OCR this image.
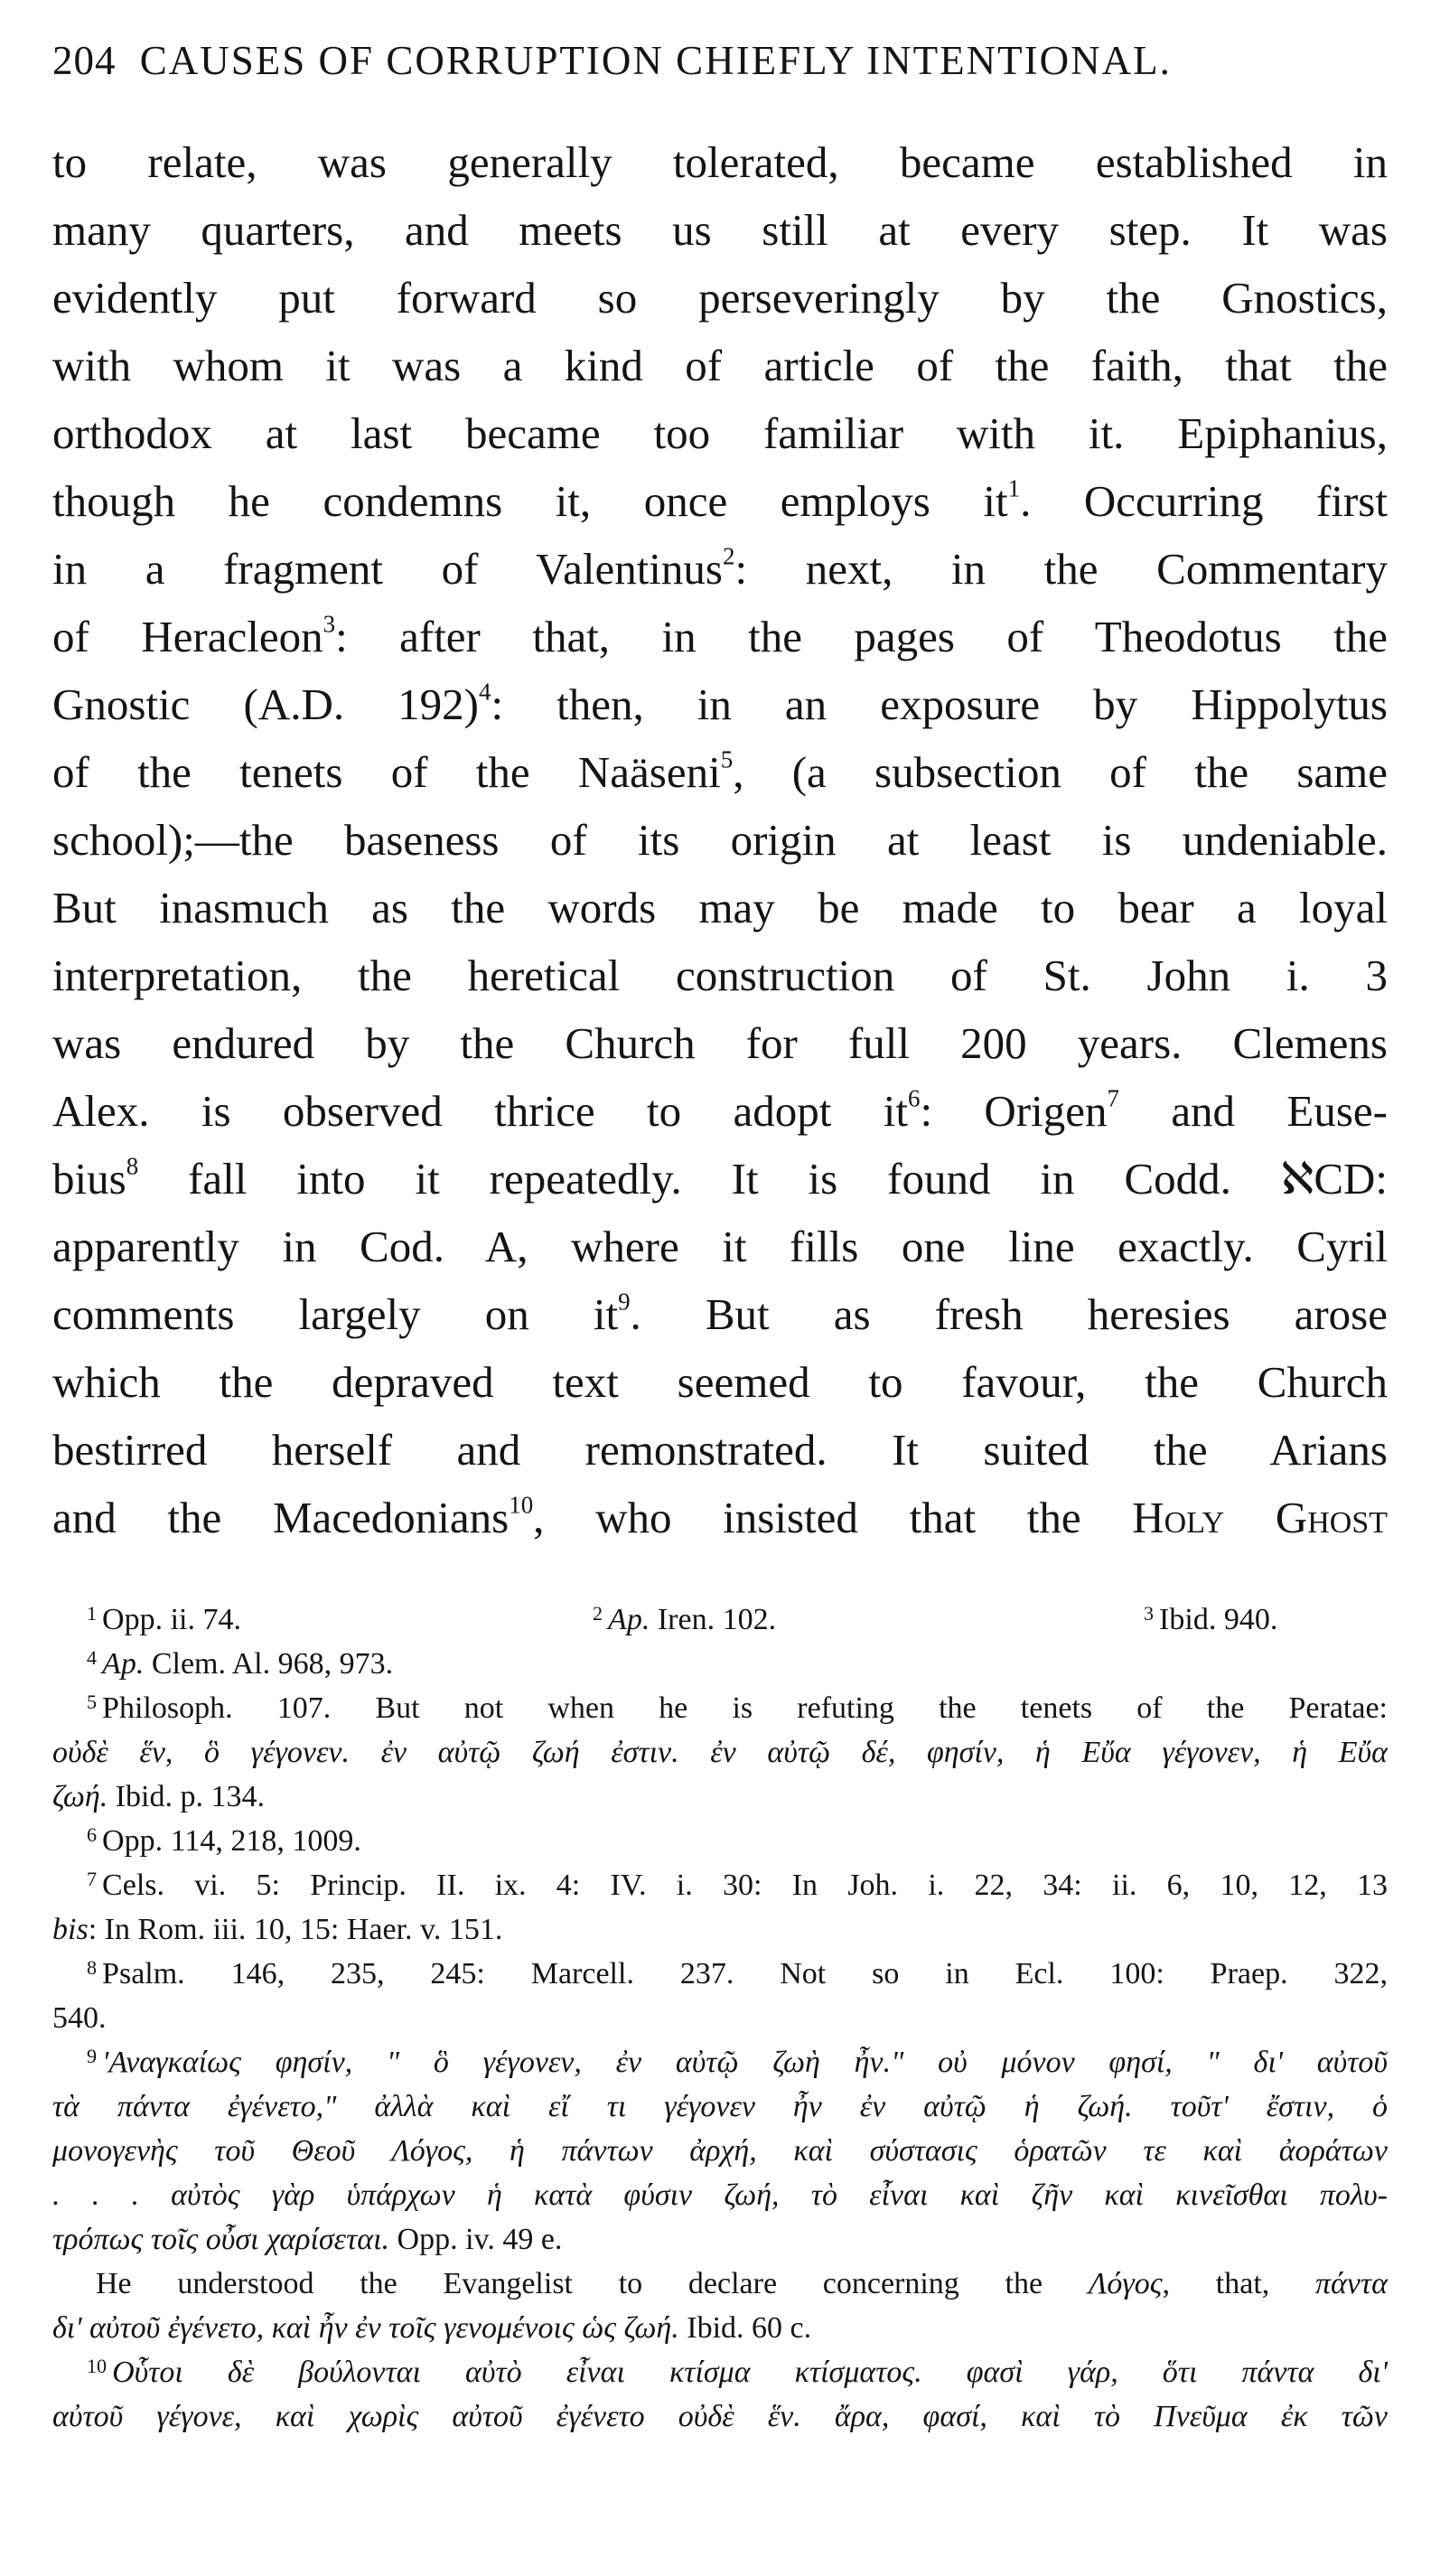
204 CAUSES OF CORRUPTION CHIEFLY INTENTIONAL.
to relate, was generally tolerated, became established in
many quarters, and meets us still at every step. It was
evidently put forward so perseveringly by the Gnostics,
with whom it was a kind of article of the faith, that the
orthodox at last became too familiar with it. Epiphanius,
though he condemns it, once employs $it^1$. Occurring first
in a fragment of Valentinus$^2$: next, in the Commentary
of Heracleon$^3$: after that, in the pages of Theodotus the
Gnostic (A.D. 192)$^4$: then, in an exposure by Hippolytus
of the tenets of the Naäseni$^5$, (a subsection of the same
school);—the baseness of its origin at least is undeniable.
But inasmuch as the words may be made to bear a loyal
interpretation, the heretical construction of St. John i. 3
was endured by the Church for full 200 years. Clemens
Alex. is observed thrice to adopt $it^6$: Origen$^7$ and Euse-
bius$^8$ fall into it repeatedly. It is found in Codd. ℵCD:
apparently in Cod. A, where it fills one line exactly. Cyril
comments largely on $it^9$. But as fresh heresies arose
which the depraved text seemed to favour, the Church
bestirred herself and remonstrated. It suited the Arians
and the Macedonians$^{10}$, who insisted that the Holy Ghost
$^1$ Opp. ii. 74.	$^2$ Ap. Iren. 102.	$^3$ Ibid. 940.
$^4$ Ap. Clem. Al. 968, 973.
$^5$ Philosoph. 107. But not when he is refuting the tenets of the Peratae:
οὐδὲ ἕν, ὃ γέγονεν. ἐν αὐτῷ ζωή ἐστιν. ἐν αὐτῷ δέ, φησίν, ἡ Εὔα γέγονεν, ἡ Εὔα
ζωή. Ibid. p. 134.
$^6$ Opp. 114, 218, 1009.
$^7$ Cels. vi. 5: Princip. II. ix. 4: IV. i. 30: In Joh. i. 22, 34: ii. 6, 10, 12, 13
bis: In Rom. iii. 10, 15: Haer. v. 151.
$^8$ Psalm. 146, 235, 245: Marcell. 237. Not so in Ecl. 100: Praep. 322,
540.
$^9$ 'Αναγκαίως φησίν, " ὃ γέγονεν, ἐν αὐτῷ ζωὴ ἦν." οὐ μόνον φησί, " δι' αὐτοῦ
τὰ πάντα ἐγένετο," ἀλλὰ καὶ εἴ τι γέγονεν ἦν ἐν αὐτῷ ἡ ζωή. τοῦτ' ἔστιν, ὁ
μονογενὴς τοῦ Θεοῦ Λόγος, ἡ πάντων ἀρχή, καὶ σύστασις ὁρατῶν τε καὶ ἀοράτων
. . . αὐτὸς γὰρ ὑπάρχων ἡ κατὰ φύσιν ζωή, τὸ εἶναι καὶ ζῆν καὶ κινεῖσθαι πολυ-
τρόπως τοῖς οὖσι χαρίσεται. Opp. iv. 49 e.
He understood the Evangelist to declare concerning the Λόγος, that, πάντα
δι' αὐτοῦ ἐγένετο, καὶ ἦν ἐν τοῖς γενομένοις ὡς ζωή. Ibid. 60 c.
$^{10}$ Οὗτοι δὲ βούλονται αὐτὸ εἶναι κτίσμα κτίσματος. φασὶ γάρ, ὅτι πάντα δι'
αὐτοῦ γέγονε, καὶ χωρὶς αὐτοῦ ἐγένετο οὐδὲ ἕν. ἄρα, φασί, καὶ τὸ Πνεῦμα ἐκ τῶν
